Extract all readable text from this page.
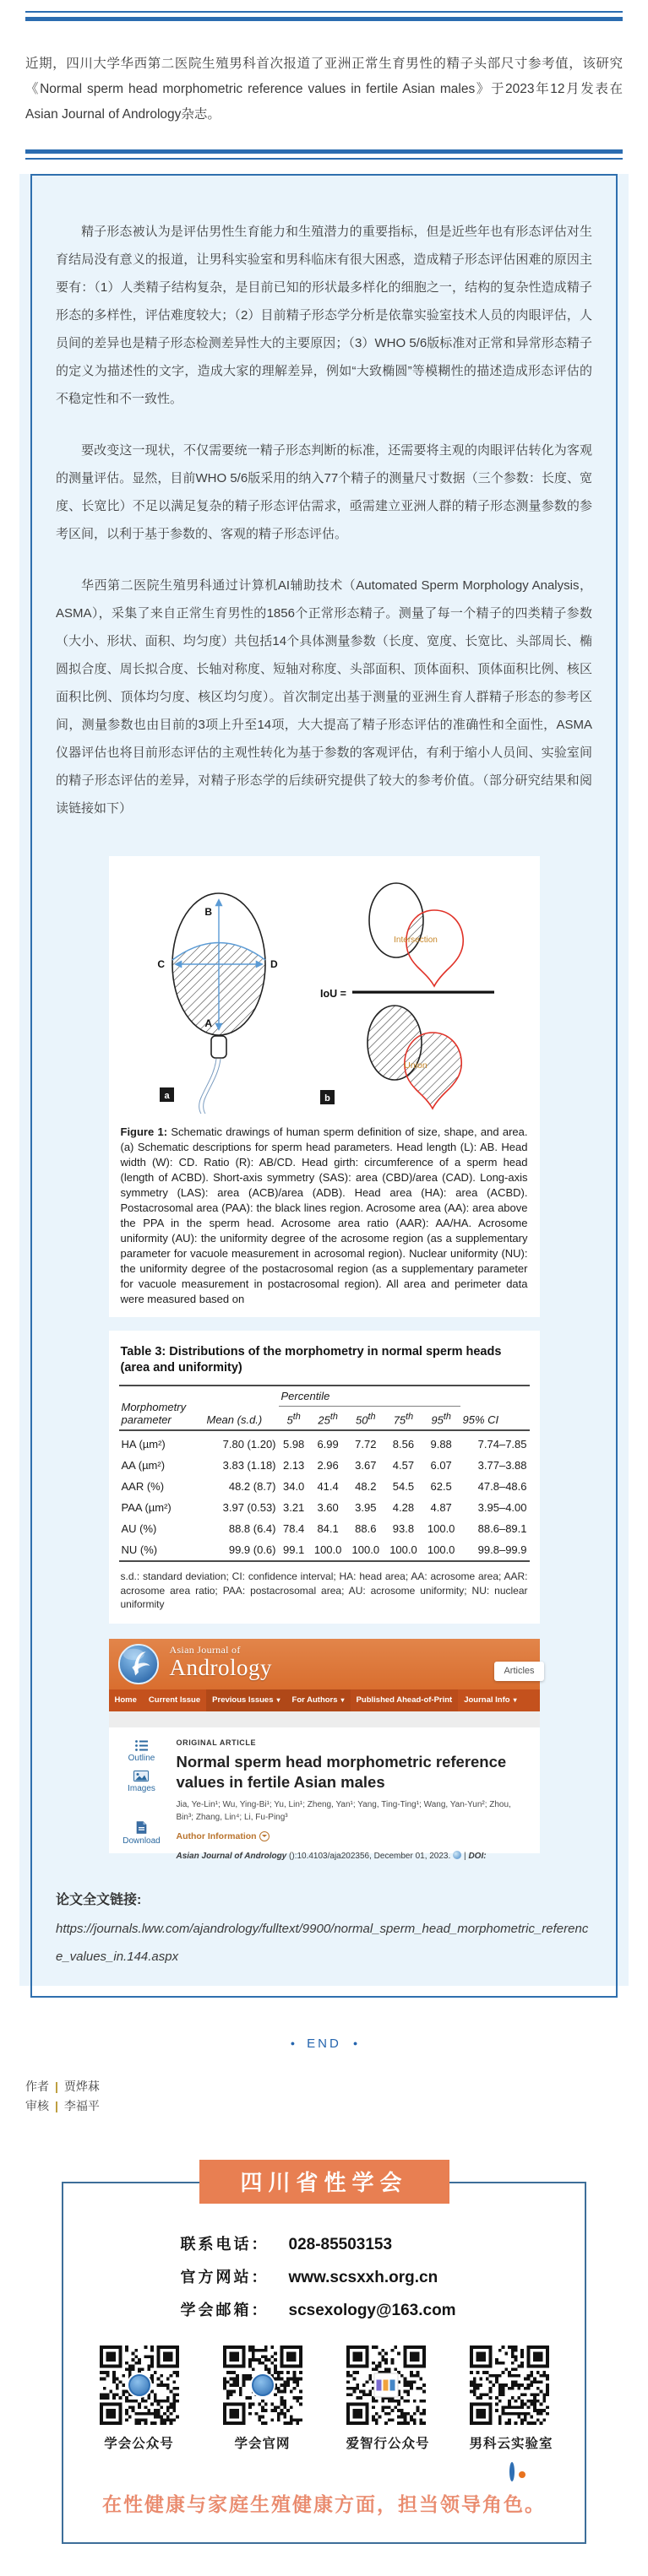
近期，四川大学华西第二医院生殖男科首次报道了亚洲正常生育男性的精子头部尺寸参考值，该研究《Normal sperm head morphometric reference values in fertile Asian males》于2023年12月发表在Asian Journal of Andrology杂志。

精子形态被认为是评估男性生育能力和生殖潜力的重要指标，但是近些年也有形态评估对生育结局没有意义的报道，让男科实验室和男科临床有很大困惑，造成精子形态评估困难的原因主要有：（1）人类精子结构复杂，是目前已知的形状最多样化的细胞之一，结构的复杂性造成精子形态的多样性，评估难度较大；（2）目前精子形态学分析是依靠实验室技术人员的肉眼评估，人员间的差异也是精子形态检测差异性大的主要原因；（3）WHO 5/6版标准对正常和异常形态精子的定义为描述性的文字，造成大家的理解差异，例如“大致椭圆”等模糊性的描述造成形态评估的不稳定性和不一致性。

要改变这一现状，不仅需要统一精子形态判断的标准，还需要将主观的肉眼评估转化为客观的测量评估。显然，目前WHO 5/6版采用的纳入77个精子的测量尺寸数据（三个参数：长度、宽度、长宽比）不足以满足复杂的精子形态评估需求，亟需建立亚洲人群的精子形态测量参数的参考区间，以利于基于参数的、客观的精子形态评估。

华西第二医院生殖男科通过计算机AI辅助技术（Automated Sperm Morphology Analysis，ASMA），采集了来自正常生育男性的1856个正常形态精子。测量了每一个精子的四类精子参数（大小、形状、面积、均匀度）共包括14个具体测量参数（长度、宽度、长宽比、头部周长、椭圆拟合度、周长拟合度、长轴对称度、短轴对称度、头部面积、顶体面积、顶体面积比例、核区面积比例、顶体均匀度、核区均匀度）。首次制定出基于测量的亚洲生育人群精子形态的参考区间，测量参数也由目前的3项上升至14项，大大提高了精子形态评估的准确性和全面性，ASMA仪器评估也将目前形态评估的主观性转化为基于参数的客观评估，有利于缩小人员间、实验室间的精子形态评估的差异，对精子形态学的后续研究提供了较大的参考价值。（部分研究结果和阅读链接如下）

B
A
C	D
a
Intersection
IoU =
Union
b
Figure 1: Schematic drawings of human sperm definition of size, shape, and area. (a) Schematic descriptions for sperm head parameters. Head length (L): AB. Head width (W): CD. Ratio (R): AB/CD. Head girth: circumference of a sperm head (length of ACBD). Short-axis symmetry (SAS): area (CBD)/area (CAD). Long-axis symmetry (LAS): area (ACB)/area (ADB). Head area (HA): area (ACBD). Postacrosomal area (PAA): the black lines region. Acrosome area (AA): area above the PPA in the sperm head. Acrosome area ratio (AAR): AA/HA. Acrosome uniformity (AU): the uniformity degree of the acrosome region (as a supplementary parameter for vacuole measurement in acrosomal region). Nuclear uniformity (NU): the uniformity degree of the postacrosomal region (as a supplementary parameter for vacuole measurement in postacrosomal region). All area and perimeter data were measured based on
Table 3: Distributions of the morphometry in normal sperm heads (area and uniformity)
Morphometry parameter	Mean (s.d.)	Percentile					95% CI
		5th	25th	50th	75th	95th
HA (µm²)	7.80 (1.20)	5.98	6.99	7.72	8.56	9.88	7.74–7.85
AA (µm²)	3.83 (1.18)	2.13	2.96	3.67	4.57	6.07	3.77–3.88
AAR (%)	48.2 (8.7)	34.0	41.4	48.2	54.5	62.5	47.8–48.6
PAA (µm²)	3.97 (0.53)	3.21	3.60	3.95	4.28	4.87	3.95–4.00
AU (%)	88.8 (6.4)	78.4	84.1	88.6	93.8	100.0	88.6–89.1
NU (%)	99.9 (0.6)	99.1	100.0	100.0	100.0	100.0	99.8–99.9
s.d.: standard deviation; CI: confidence interval; HA: head area; AA: acrosome area; AAR: acrosome area ratio; PAA: postacrosomal area; AU: acrosome uniformity; NU: nuclear uniformity
Asian Journal of
Andrology	Articles
Home Current Issue Previous Issues ▾ For Authors ▾ Published Ahead-of-Print Journal Info ▾
Outline
Images
Download
ORIGINAL ARTICLE
Normal sperm head morphometric reference
values in fertile Asian males
Jia, Ye-Lin¹; Wu, Ying-Bi¹; Yu, Lin¹; Zheng, Yan¹; Yang, Ting-Ting¹; Wang, Yan-Yun²; Zhou,
Bin³; Zhang, Lin⁴; Li, Fu-Ping³
Author Information
Asian Journal of Andrology ():10.4103/aja202356, December 01, 2023. | DOI:
论文全文链接:
https://journals.lww.com/ajandrology/fulltext/9900/normal_sperm_head_morphometric_reference_values_in.144.aspx
● END ●
作者 | 贾烨菻
审核 | 李福平
四川省性学会
联系电话：	028-85503153
官方网站：	www.scsxxh.org.cn
学会邮箱：	scsexology@163.com
学会公众号	学会官网	爱智行公众号	男科云实验室
在性健康与家庭生殖健康方面，担当领导角色。
